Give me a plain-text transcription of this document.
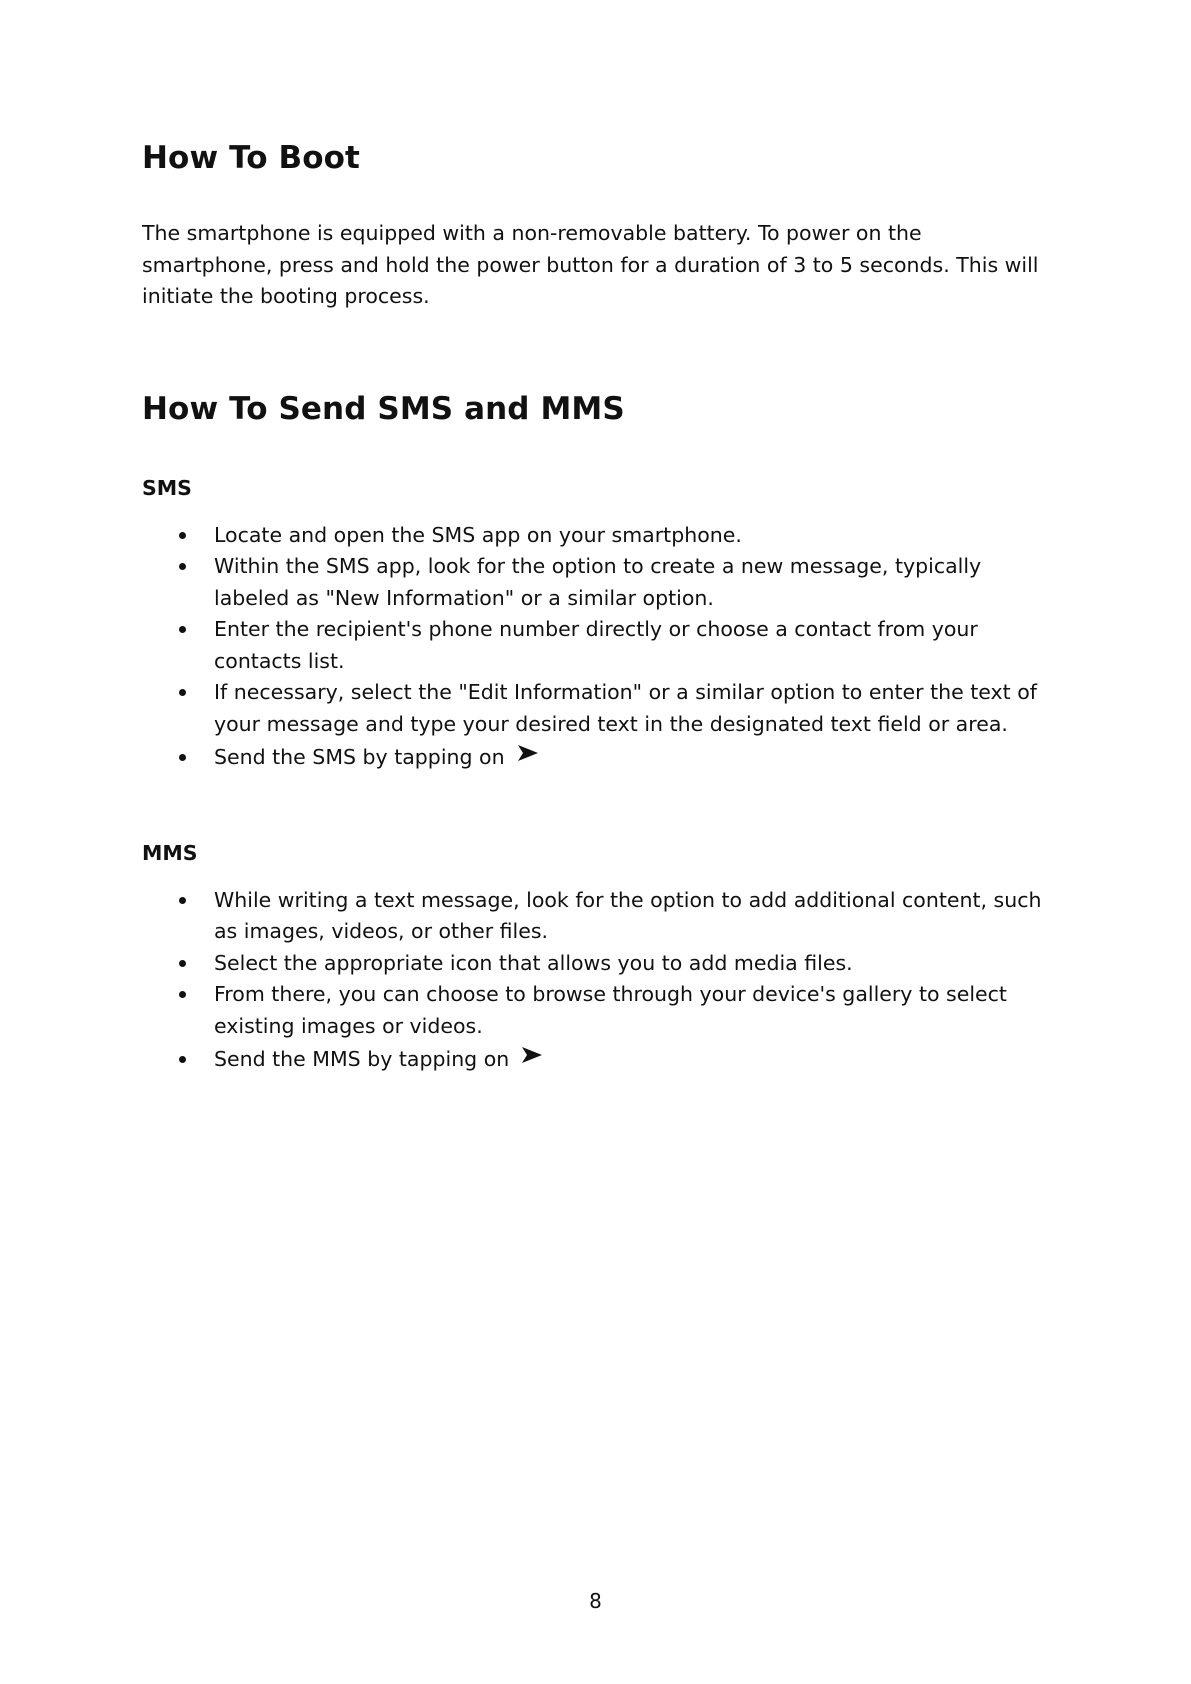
How To Boot

The smartphone is equipped with a non-removable battery. To power on the smartphone, press and hold the power button for a duration of 3 to 5 seconds. This will initiate the booting process.

How To Send SMS and MMS
SMS
Locate and open the SMS app on your smartphone.
Within the SMS app, look for the option to create a new message, typically labeled as "New Information" or a similar option.
Enter the recipient's phone number directly or choose a contact from your contacts list.
If necessary, select the "Edit Information" or a similar option to enter the text of your message and type your desired text in the designated text field or area.
Send the SMS by tapping on
MMS
While writing a text message, look for the option to add additional content, such as images, videos, or other files.
Select the appropriate icon that allows you to add media files.
From there, you can choose to browse through your device's gallery to select existing images or videos.
Send the MMS by tapping on
8
